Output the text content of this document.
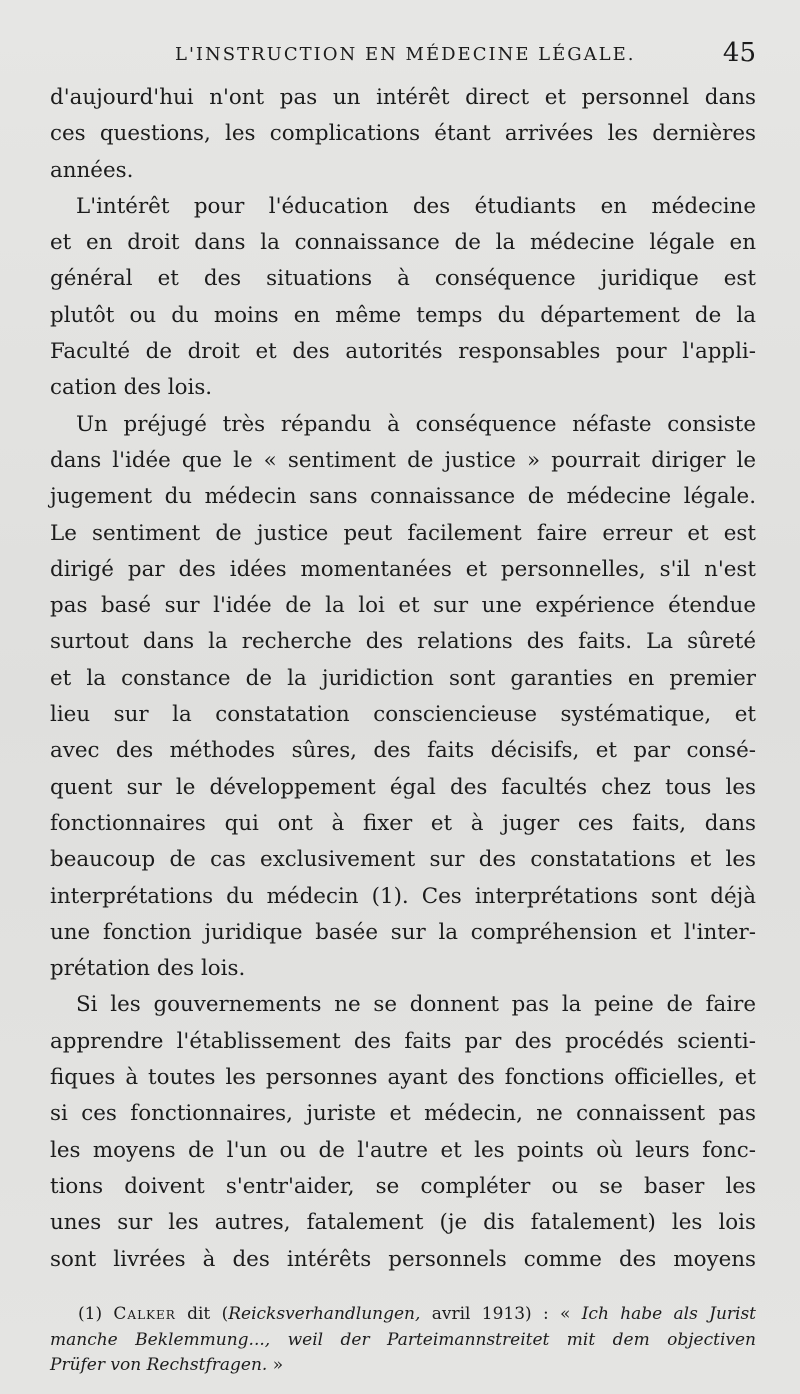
L'INSTRUCTION EN MÉDECINE LÉGALE.	45
d'aujourd'hui n'ont pas un intérêt direct et personnel dans
ces questions, les complications étant arrivées les dernières
années.
L'intérêt pour l'éducation des étudiants en médecine
et en droit dans la connaissance de la médecine légale en
général et des situations à conséquence juridique est
plutôt ou du moins en même temps du département de la
Faculté de droit et des autorités responsables pour l'appli-
cation des lois.
Un préjugé très répandu à conséquence néfaste consiste
dans l'idée que le « sentiment de justice » pourrait diriger le
jugement du médecin sans connaissance de médecine légale.
Le sentiment de justice peut facilement faire erreur et est
dirigé par des idées momentanées et personnelles, s'il n'est
pas basé sur l'idée de la loi et sur une expérience étendue
surtout dans la recherche des relations des faits. La sûreté
et la constance de la juridiction sont garanties en premier
lieu sur la constatation consciencieuse systématique, et
avec des méthodes sûres, des faits décisifs, et par consé-
quent sur le développement égal des facultés chez tous les
fonctionnaires qui ont à fixer et à juger ces faits, dans
beaucoup de cas exclusivement sur des constatations et les
interprétations du médecin (1). Ces interprétations sont déjà
une fonction juridique basée sur la compréhension et l'inter-
prétation des lois.
Si les gouvernements ne se donnent pas la peine de faire
apprendre l'établissement des faits par des procédés scienti-
fiques à toutes les personnes ayant des fonctions officielles, et
si ces fonctionnaires, juriste et médecin, ne connaissent pas
les moyens de l'un ou de l'autre et les points où leurs fonc-
tions doivent s'entr'aider, se compléter ou se baser les
unes sur les autres, fatalement (je dis fatalement) les lois
sont livrées à des intérêts personnels comme des moyens
(1) Calker dit (Reicksverhandlungen, avril 1913) : « Ich habe als Jurist
manche Beklemmung..., weil der Parteimannstreitet mit dem objectiven
Prüfer von Rechstfragen. »
